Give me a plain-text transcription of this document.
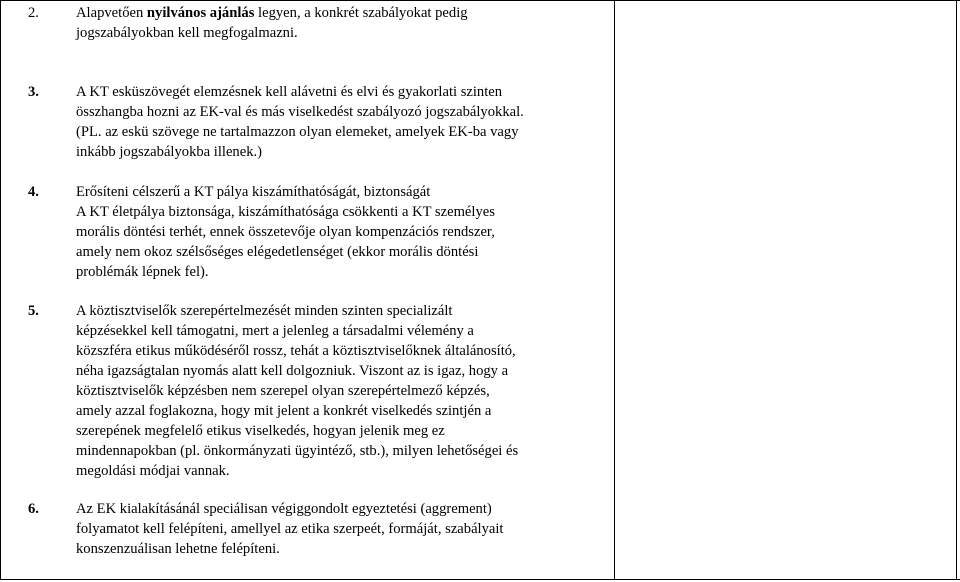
2.	Alapvetően nyilvános ajánlás legyen, a konkrét szabályokat pedig
jogszabályokban kell megfogalmazni.
3.	A KT esküszövegét elemzésnek kell alávetni és elvi és gyakorlati szinten
összhangba hozni az EK-val és más viselkedést szabályozó jogszabályokkal.
(PL. az eskü szövege ne tartalmazzon olyan elemeket, amelyek EK-ba vagy
inkább jogszabályokba illenek.)
4.	Erősíteni célszerű a KT pálya kiszámíthatóságát, biztonságát
A KT életpálya biztonsága, kiszámíthatósága csökkenti a KT személyes
morális döntési terhét, ennek összetevője olyan kompenzációs rendszer,
amely nem okoz szélsőséges elégedetlenséget (ekkor morális döntési
problémák lépnek fel).
5.	A köztisztviselők szerepértelmezését minden szinten specializált
képzésekkel kell támogatni, mert a jelenleg a társadalmi vélemény a
közszféra etikus működéséről rossz, tehát a köztisztviselőknek általánosító,
néha igazságtalan nyomás alatt kell dolgozniuk. Viszont az is igaz, hogy a
köztisztviselők képzésben nem szerepel olyan szerepértelmező képzés,
amely azzal foglakozna, hogy mit jelent a konkrét viselkedés szintjén a
szerepének megfelelő etikus viselkedés, hogyan jelenik meg ez
mindennapokban (pl. önkormányzati ügyintéző, stb.), milyen lehetőségei és
megoldási módjai vannak.
6.	Az EK kialakításánál speciálisan végiggondolt egyeztetési (aggrement)
folyamatot kell felépíteni, amellyel az etika szerpeét, formáját, szabályait
konszenzuálisan lehetne felépíteni.
